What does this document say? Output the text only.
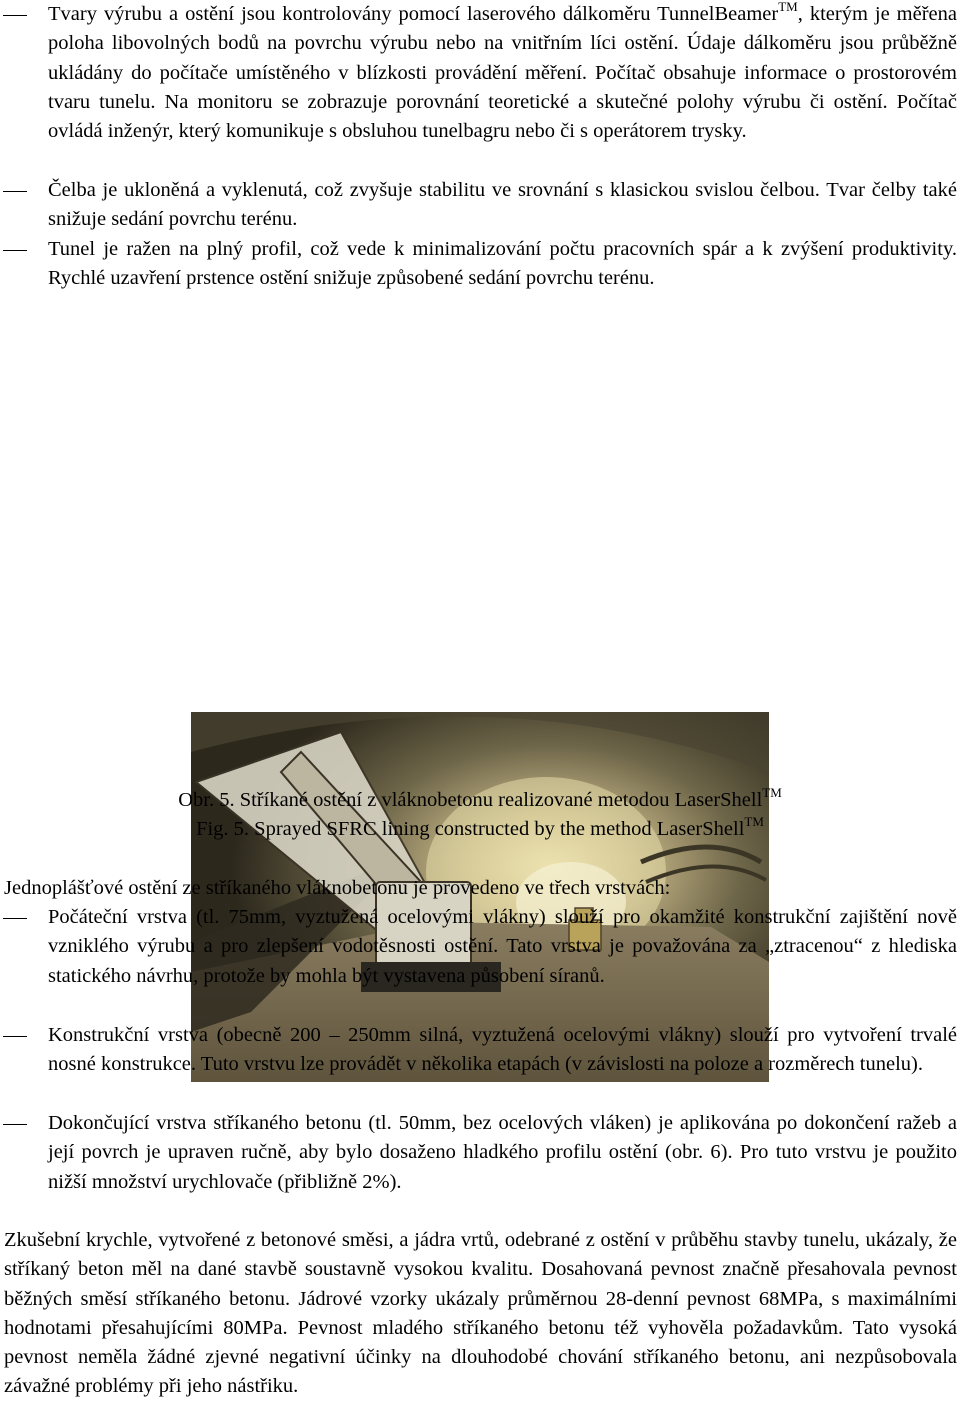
Tvary výrubu a ostění jsou kontrolovány pomocí laserového dálkoměru TunnelBeamer™, kterým je měřena poloha libovolných bodů na povrchu výrubu nebo na vnitřním líci ostění. Údaje dálkoměru jsou průběžně ukládány do počítače umístěného v blízkosti provádění měření. Počítač obsahuje informace o prostorovém tvaru tunelu. Na monitoru se zobrazuje porovnání teoretické a skutečné polohy výrubu či ostění. Počítač ovládá inženýr, který komunikuje s obsluhou tunelbagru nebo či s operátorem trysky.
Čelba je ukloněná a vyklenutá, což zvyšuje stabilitu ve srovnání s klasickou svislou čelbou. Tvar čelby také snižuje sedání povrchu terénu.
Tunel je ražen na plný profil, což vede k minimalizování počtu pracovních spár a k zvýšení produktivity. Rychlé uzavření prstence ostění snižuje způsobené sedání povrchu terénu.
Obr. 5. Stříkané ostění z vláknobetonu realizované metodou LaserShell™
Fig. 5. Sprayed SFRC lining constructed by the method LaserShell™
Jednoplášťové ostění ze stříkaného vláknobetonu je provedeno ve třech vrstvách:
Počáteční vrstva (tl. 75mm, vyztužená ocelovými vlákny) slouží pro okamžité konstrukční zajištění nově vzniklého výrubu a pro zlepšení vodotěsnosti ostění. Tato vrstva je považována za „ztracenou“ z hlediska statického návrhu, protože by mohla být vystavena působení síranů.
Konstrukční vrstva (obecně 200 – 250mm silná, vyztužená ocelovými vlákny) slouží pro vytvoření trvalé nosné konstrukce. Tuto vrstvu lze provádět v několika etapách (v závislosti na poloze a rozměrech tunelu).
Dokončující vrstva stříkaného betonu (tl. 50mm, bez ocelových vláken) je aplikována po dokončení ražeb a její povrch je upraven ručně, aby bylo dosaženo hladkého profilu ostění (obr. 6). Pro tuto vrstvu je použito nižší množství urychlovače (přibližně 2%).
Zkušební krychle, vytvořené z betonové směsi, a jádra vrtů, odebrané z ostění v průběhu stavby tunelu, ukázaly, že stříkaný beton měl na dané stavbě soustavně vysokou kvalitu. Dosahovaná pevnost značně přesahovala pevnost běžných směsí stříkaného betonu. Jádrové vzorky ukázaly průměrnou 28-denní pevnost 68MPa, s maximálními hodnotami přesahujícími 80MPa. Pevnost mladého stříkaného betonu též vyhověla požadavkům. Tato vysoká pevnost neměla žádné zjevné negativní účinky na dlouhodobé chování stříkaného betonu, ani nezpůsobovala závažné problémy při jeho nástřiku.
